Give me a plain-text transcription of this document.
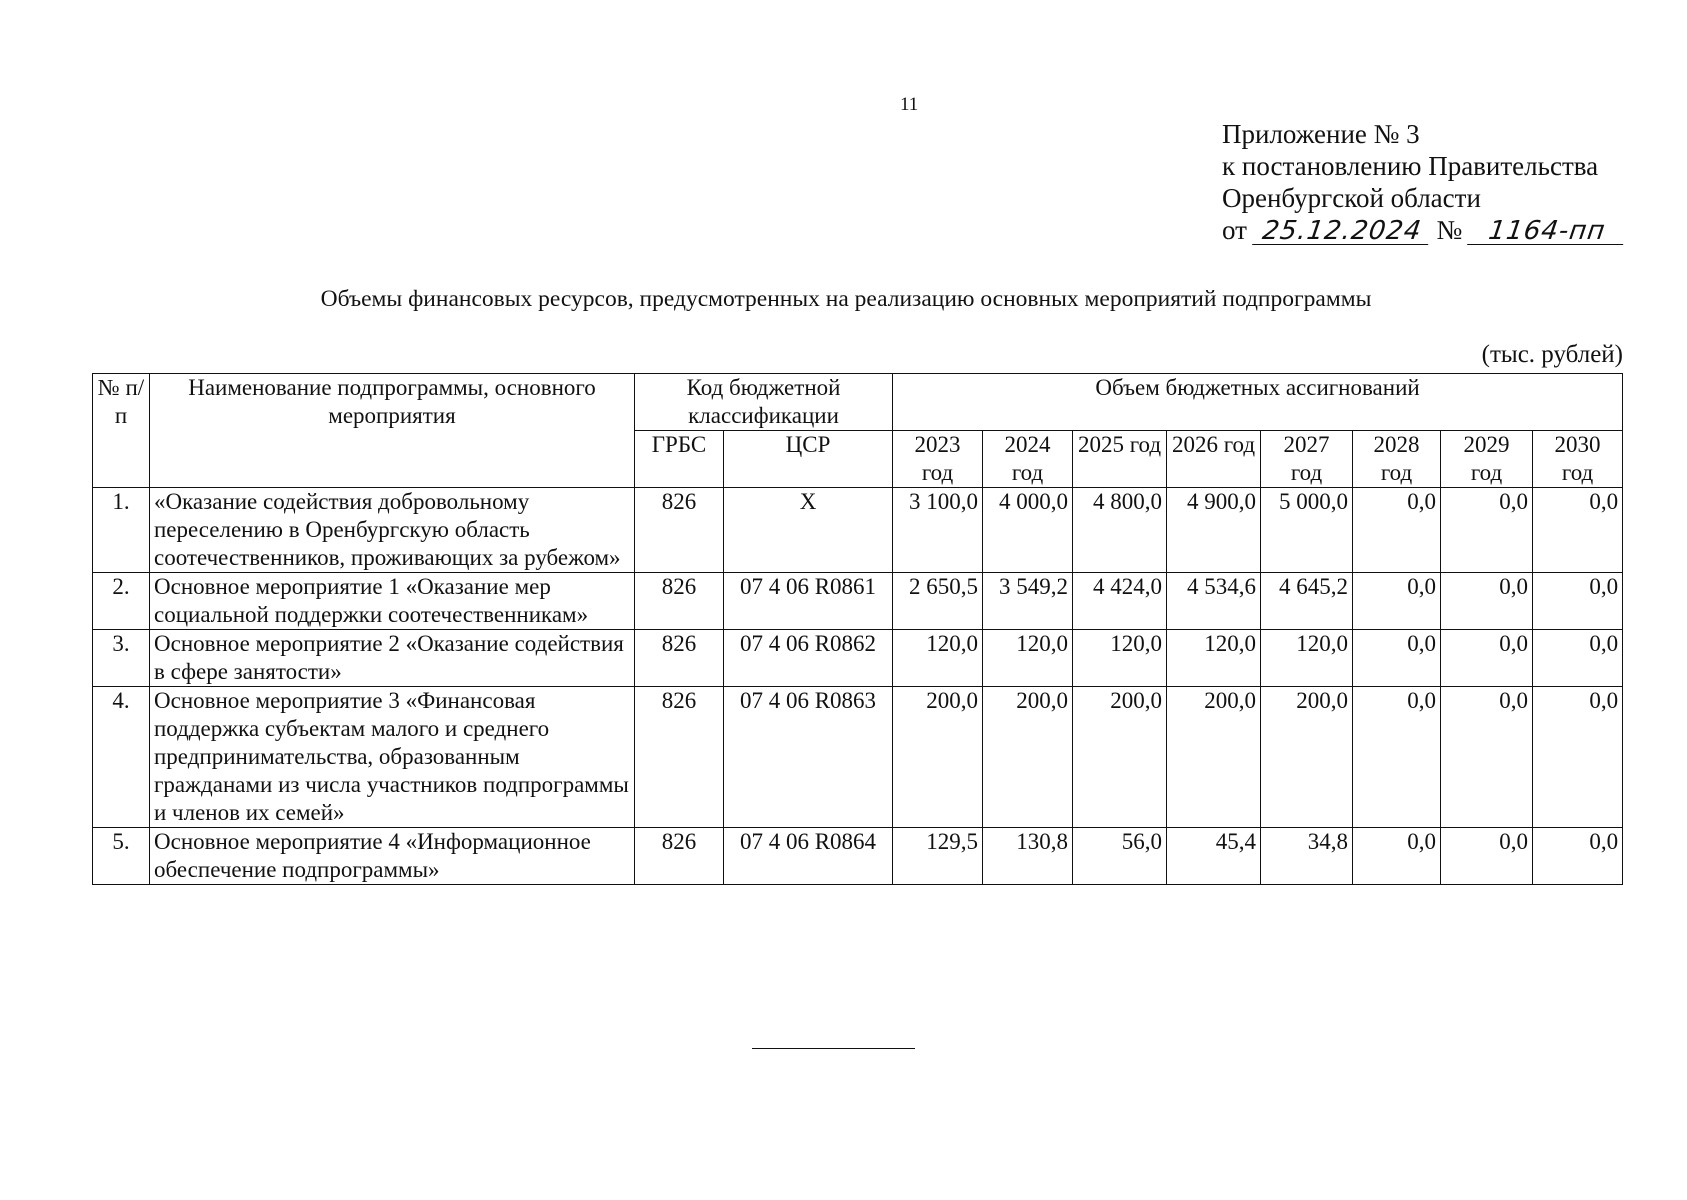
11
Приложение № 3
к постановлению Правительства
Оренбургской области
от 25.12.2024 № 1164-пп
Объемы финансовых ресурсов, предусмотренных на реализацию основных мероприятий подпрограммы
(тыс. рублей)
№ п/п	Наименование подпрограммы, основного мероприятия	Код бюджетной классификации		Объем бюджетных ассигнований							
		ГРБС	ЦСР	2023 год	2024 год	2025 год	2026 год	2027 год	2028 год	2029 год	2030 год
1.	«Оказание содействия добровольному переселению в Оренбургскую область соотечественников, проживающих за рубежом»	826	Х	3 100,0	4 000,0	4 800,0	4 900,0	5 000,0	0,0	0,0	0,0
2.	Основное мероприятие 1 «Оказание мер социальной поддержки соотечественникам»	826	07 4 06 R0861	2 650,5	3 549,2	4 424,0	4 534,6	4 645,2	0,0	0,0	0,0
3.	Основное мероприятие 2 «Оказание содействия в сфере занятости»	826	07 4 06 R0862	120,0	120,0	120,0	120,0	120,0	0,0	0,0	0,0
4.	Основное мероприятие 3 «Финансовая поддержка субъектам малого и среднего предпринимательства, образованным гражданами из числа участников подпрограммы и членов их семей»	826	07 4 06 R0863	200,0	200,0	200,0	200,0	200,0	0,0	0,0	0,0
5.	Основное мероприятие 4 «Информационное обеспечение подпрограммы»	826	07 4 06 R0864	129,5	130,8	56,0	45,4	34,8	0,0	0,0	0,0
